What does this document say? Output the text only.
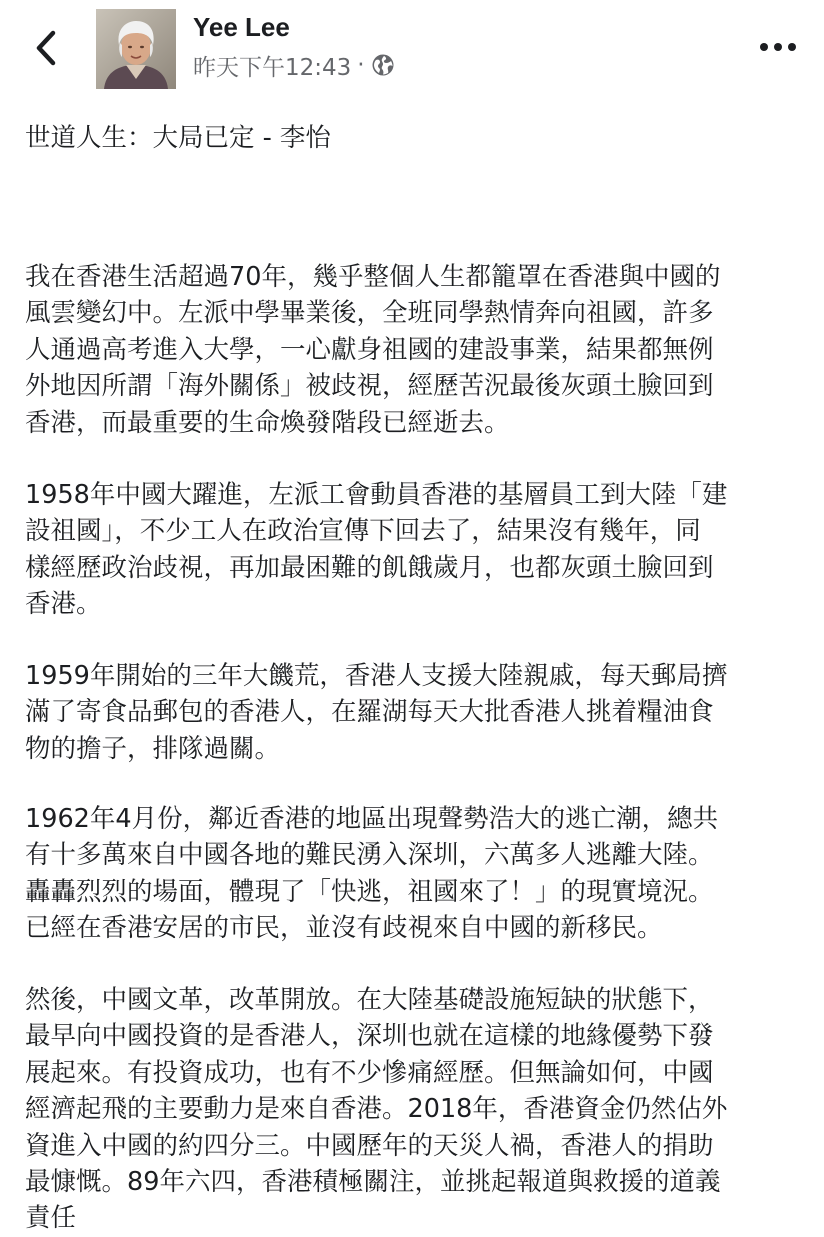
Yee Lee
昨天下午12:43 ·
世道人生：大局已定 - 李怡

我在香港生活超過70年，幾乎整個人生都籠罩在香港與中國的
風雲變幻中。左派中學畢業後，全班同學熱情奔向祖國，許多
人通過高考進入大學，一心獻身祖國的建設事業，結果都無例
外地因所謂「海外關係」被歧視，經歷苦況最後灰頭土臉回到
香港，而最重要的生命煥發階段已經逝去。

1958年中國大躍進，左派工會動員香港的基層員工到大陸「建
設祖國」，不少工人在政治宣傳下回去了，結果沒有幾年，同
樣經歷政治歧視，再加最困難的飢餓歲月，也都灰頭土臉回到
香港。

1959年開始的三年大饑荒，香港人支援大陸親戚，每天郵局擠
滿了寄食品郵包的香港人，在羅湖每天大批香港人挑着糧油食
物的擔子，排隊過關。

1962年4月份，鄰近香港的地區出現聲勢浩大的逃亡潮，總共
有十多萬來自中國各地的難民湧入深圳，六萬多人逃離大陸。
轟轟烈烈的場面，體現了「快逃，祖國來了！」的現實境況。
已經在香港安居的市民，並沒有歧視來自中國的新移民。

然後，中國文革，改革開放。在大陸基礎設施短缺的狀態下，
最早向中國投資的是香港人，深圳也就在這樣的地緣優勢下發
展起來。有投資成功，也有不少慘痛經歷。但無論如何，中國
經濟起飛的主要動力是來自香港。2018年，香港資金仍然佔外
資進入中國的約四分三。中國歷年的天災人禍，香港人的捐助
最慷慨。89年六四，香港積極關注，並挑起報道與救援的道義
責任
